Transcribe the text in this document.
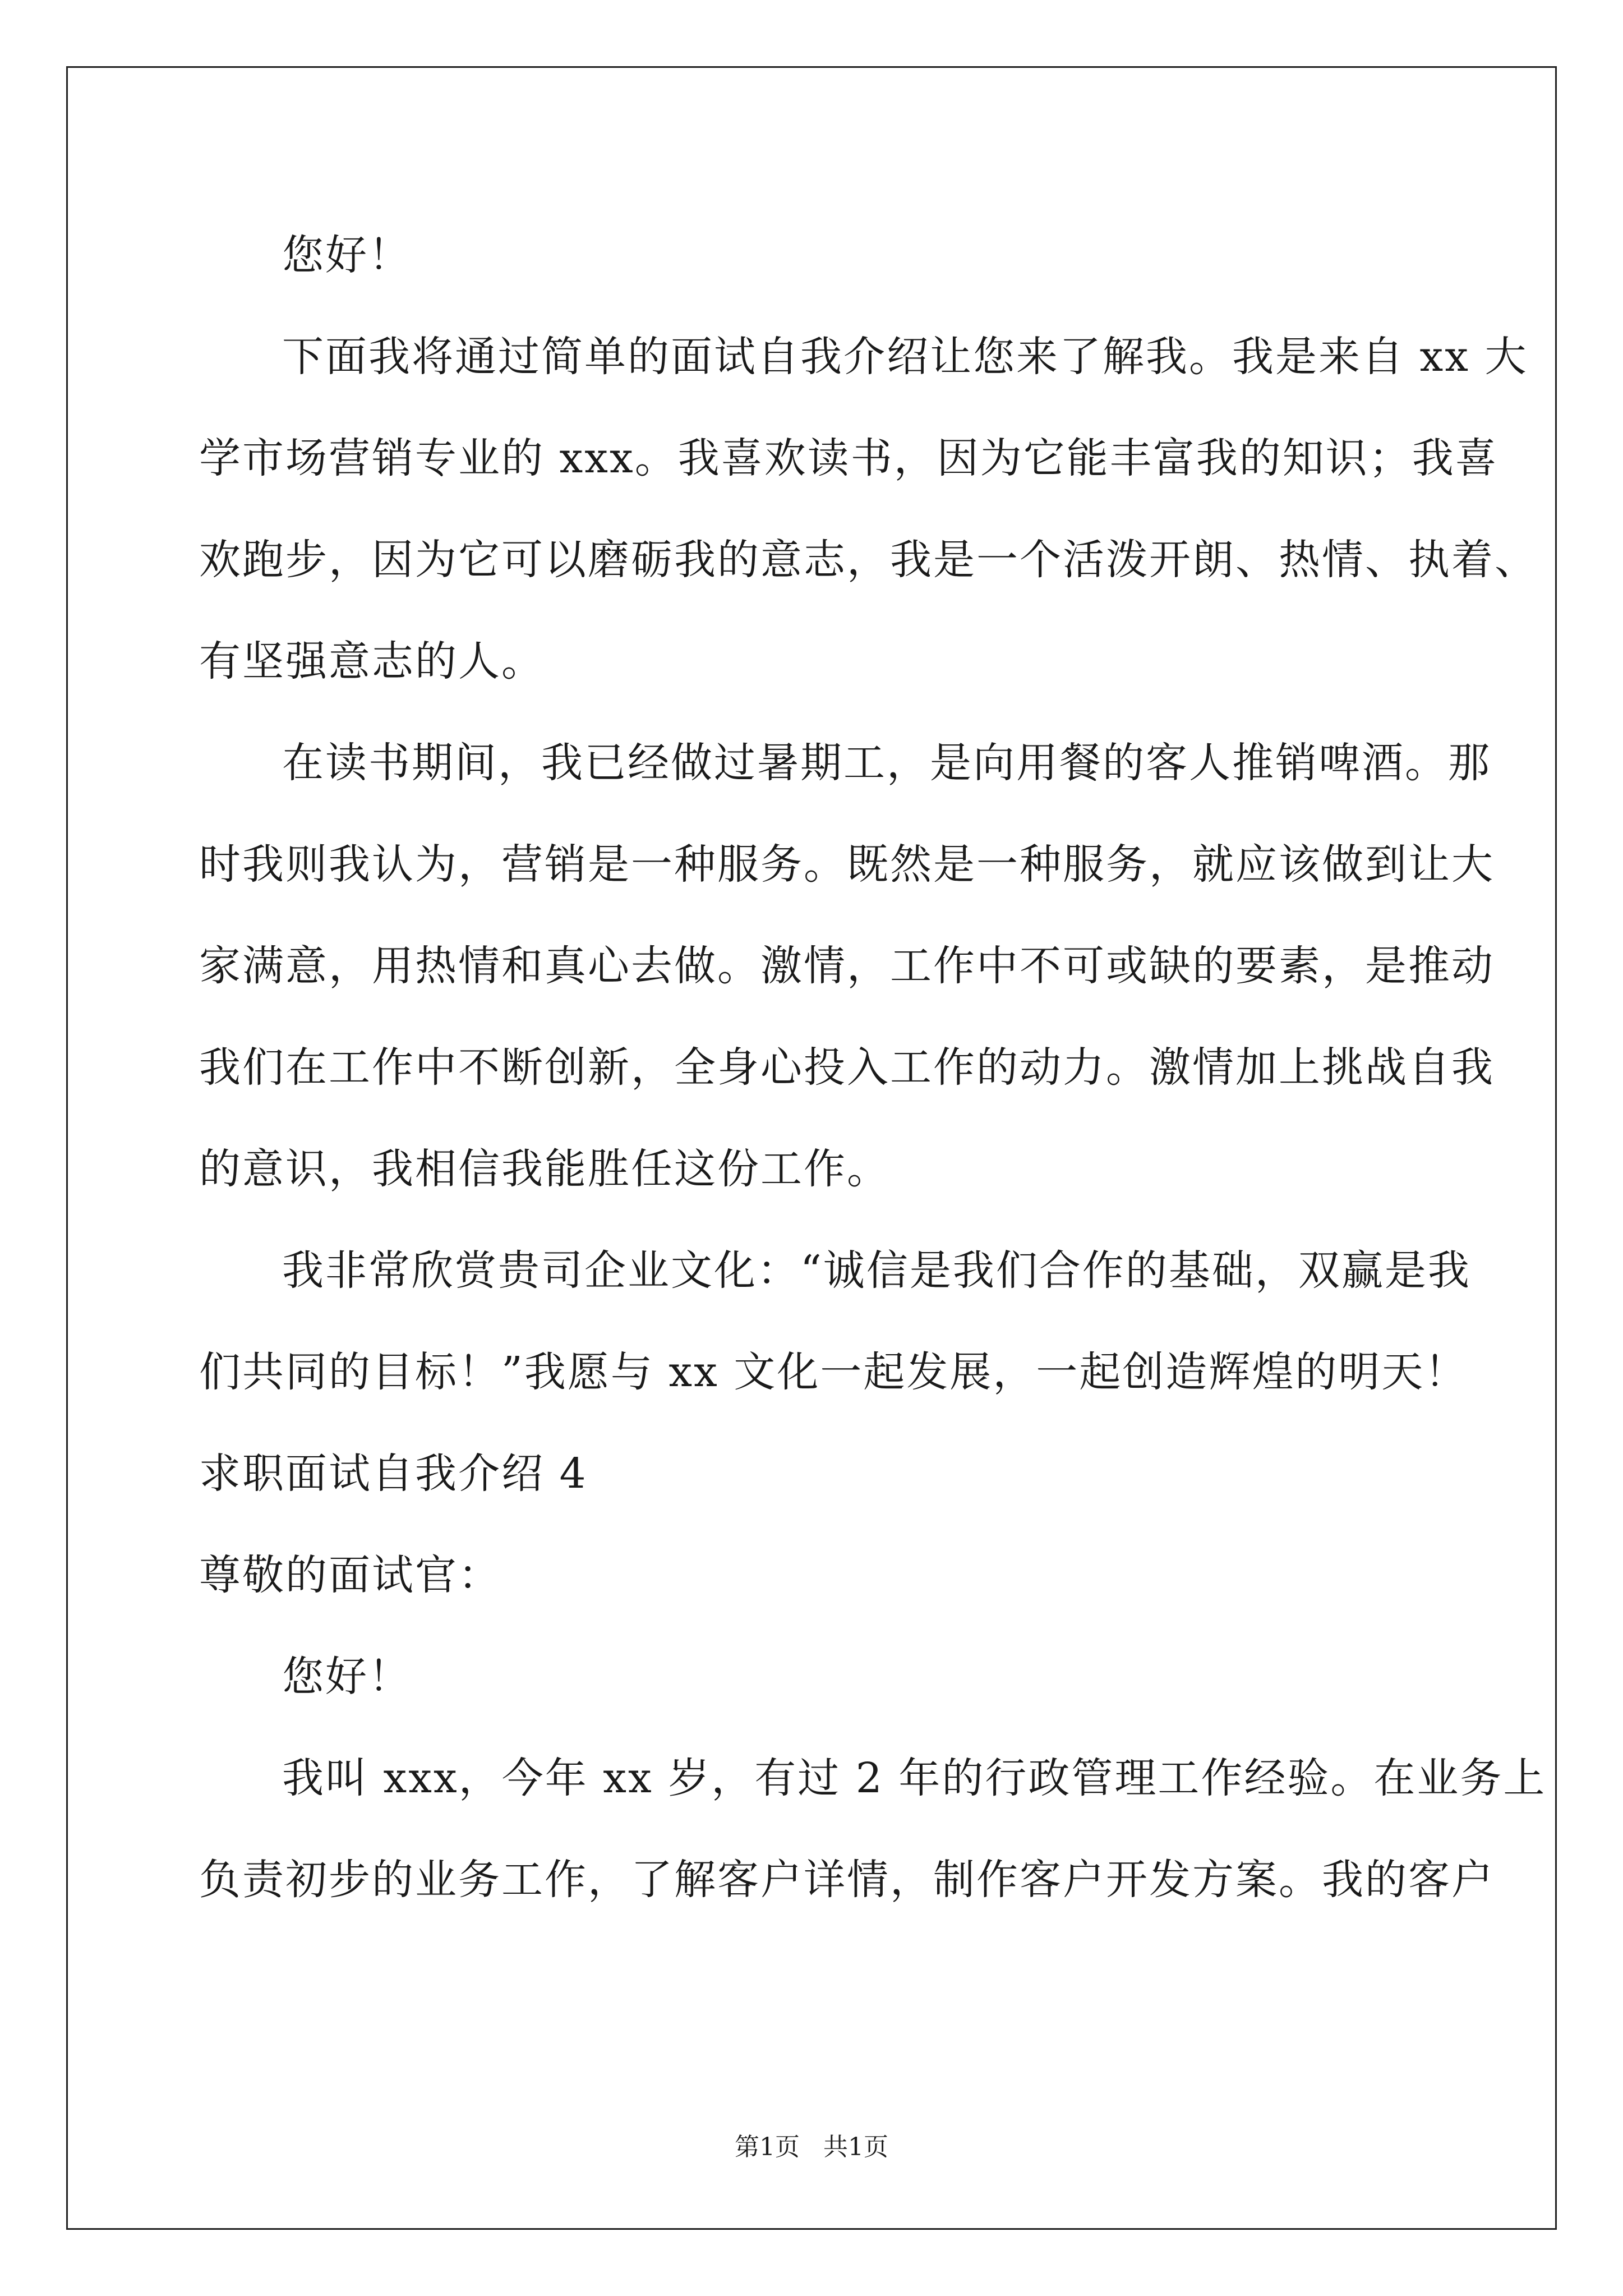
您好！
下面我将通过简单的面试自我介绍让您来了解我。我是来自 xx 大
学市场营销专业的 xxx。我喜欢读书，因为它能丰富我的知识；我喜
欢跑步，因为它可以磨砺我的意志，我是一个活泼开朗、热情、执着、
有坚强意志的人。
在读书期间，我已经做过暑期工，是向用餐的客人推销啤酒。那
时我则我认为，营销是一种服务。既然是一种服务，就应该做到让大
家满意，用热情和真心去做。激情，工作中不可或缺的要素，是推动
我们在工作中不断创新，全身心投入工作的动力。激情加上挑战自我
的意识，我相信我能胜任这份工作。
我非常欣赏贵司企业文化：“诚信是我们合作的基础，双赢是我
们共同的目标！”我愿与 xx 文化一起发展，一起创造辉煌的明天！
求职面试自我介绍 4
尊敬的面试官：
您好！
我叫 xxx，今年 xx 岁，有过 2 年的行政管理工作经验。在业务上
负责初步的业务工作，了解客户详情，制作客户开发方案。我的客户
第1页   共1页
